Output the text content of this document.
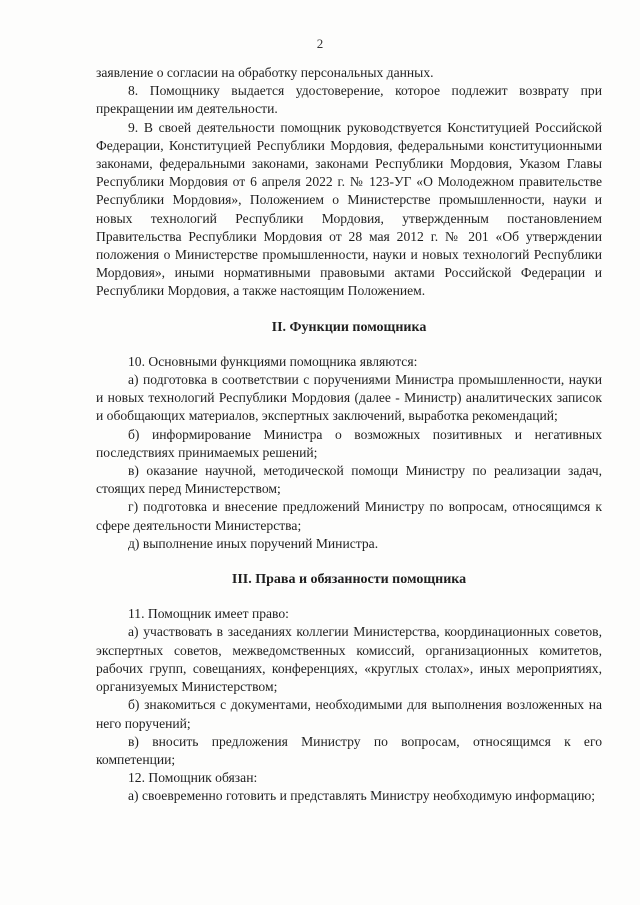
2

заявление о согласии на обработку персональных данных.

8. Помощнику выдается удостоверение, которое подлежит возврату при прекращении им деятельности.

9. В своей деятельности помощник руководствуется Конституцией Российской Федерации, Конституцией Республики Мордовия, федеральными конституционными законами, федеральными законами, законами Республики Мордовия, Указом Главы Республики Мордовия от 6 апреля 2022 г. № 123-УГ «О Молодежном правительстве Республики Мордовия», Положением о Министерстве промышленности, науки и новых технологий Республики Мордовия, утвержденным постановлением Правительства Республики Мордовия от 28 мая 2012 г. № 201 «Об утверждении положения о Министерстве промышленности, науки и новых технологий Республики Мордовия», иными нормативными правовыми актами Российской Федерации и Республики Мордовия, а также настоящим Положением.

II. Функции помощника

10. Основными функциями помощника являются:

а) подготовка в соответствии с поручениями Министра промышленности, науки и новых технологий Республики Мордовия (далее - Министр) аналитических записок и обобщающих материалов, экспертных заключений, выработка рекомендаций;

б) информирование Министра о возможных позитивных и негативных последствиях принимаемых решений;

в) оказание научной, методической помощи Министру по реализации задач, стоящих перед Министерством;

г) подготовка и внесение предложений Министру по вопросам, относящимся к сфере деятельности Министерства;

д) выполнение иных поручений Министра.

III. Права и обязанности помощника

11. Помощник имеет право:

а) участвовать в заседаниях коллегии Министерства, координационных советов, экспертных советов, межведомственных комиссий, организационных комитетов, рабочих групп, совещаниях, конференциях, «круглых столах», иных мероприятиях, организуемых Министерством;

б) знакомиться с документами, необходимыми для выполнения возложенных на него поручений;

в) вносить предложения Министру по вопросам, относящимся к его компетенции;

12. Помощник обязан:

а) своевременно готовить и представлять Министру необходимую информацию;
